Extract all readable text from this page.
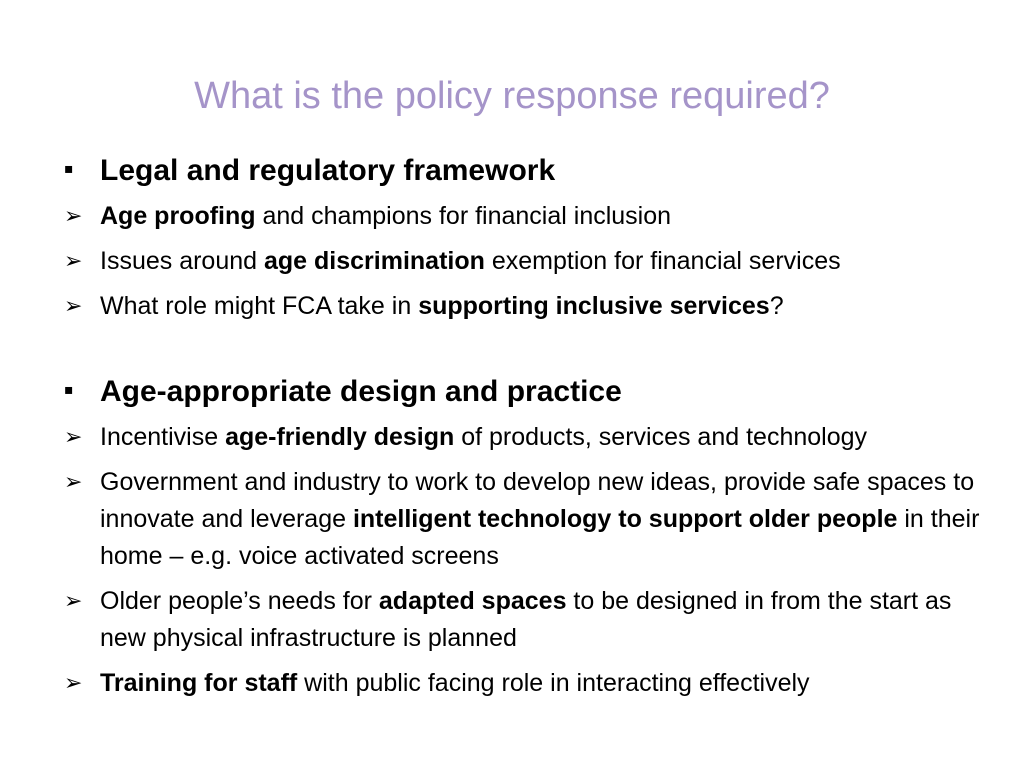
What is the policy response required?
▪ Legal and regulatory framework
➢ Age proofing and champions for financial inclusion
➢ Issues around age discrimination exemption for financial services
➢ What role might FCA take in supporting inclusive services?
▪ Age-appropriate design and practice
➢ Incentivise age-friendly design of products, services and technology
➢ Government and industry to work to develop new ideas, provide safe spaces to innovate and leverage intelligent technology to support older people in their home – e.g. voice activated screens
➢ Older people’s needs for adapted spaces to be designed in from the start as new physical infrastructure is planned
➢ Training for staff with public facing role in interacting effectively
